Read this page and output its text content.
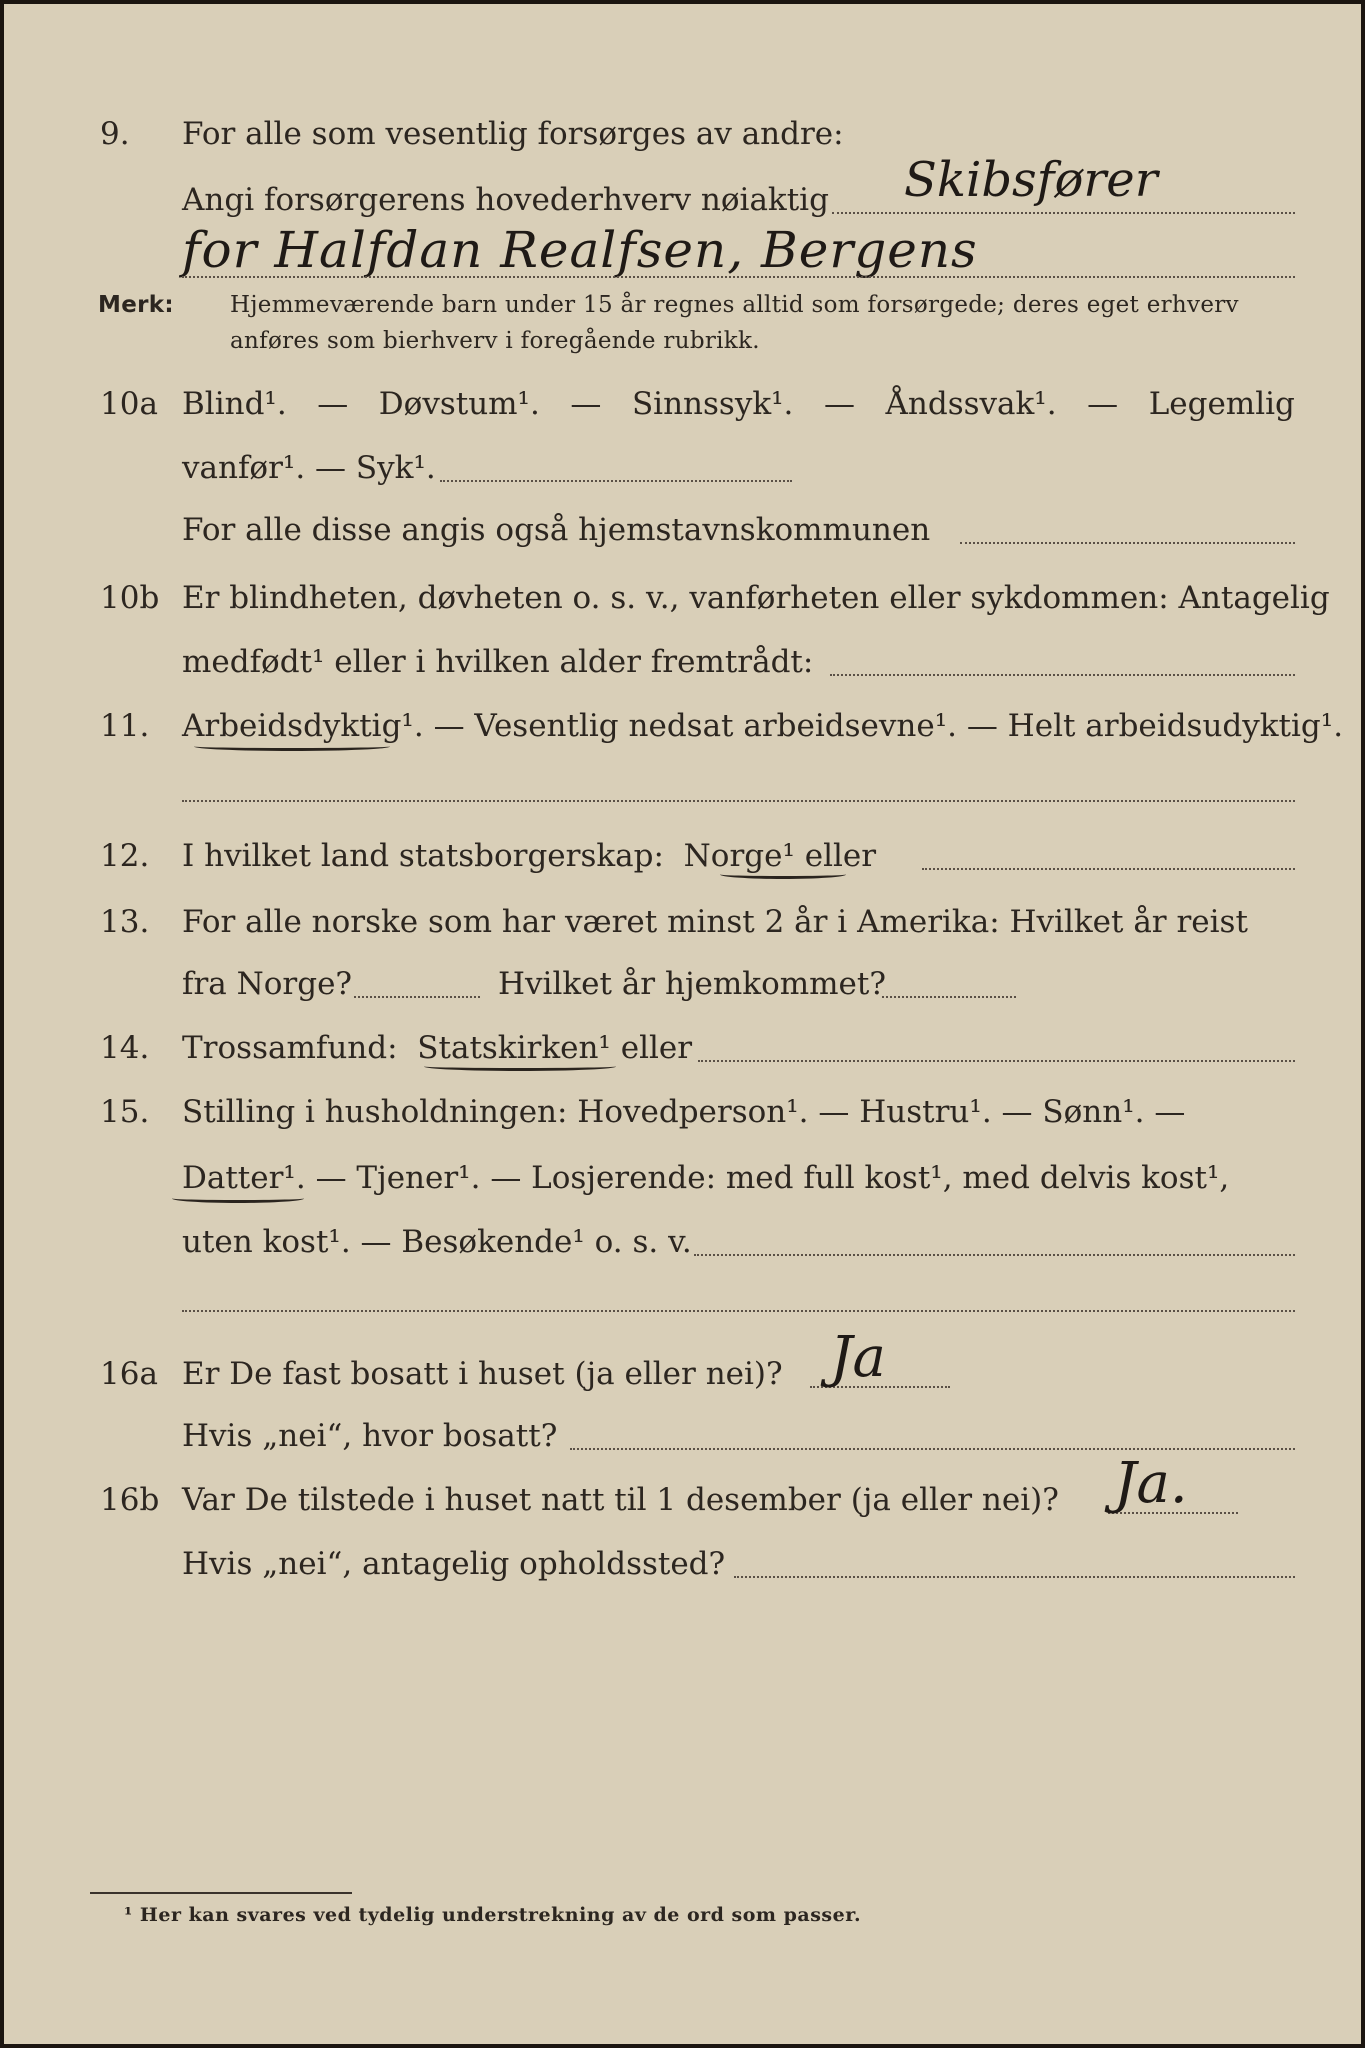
9.	For alle som vesentlig forsørges av andre:
Angi forsørgerens hovederhverv nøiaktig Skibsfører
for Halfdan Realfsen, Bergens
Merk: Hjemmeværende barn under 15 år regnes alltid som forsørgede; deres eget erhverv
anføres som bierhverv i foregående rubrikk.
10a Blind¹. — Døvstum¹. — Sinnssyk¹. — Åndssvak¹. — Legemlig
vanfør¹. — Syk¹.
For alle disse angis også hjemstavnskommunen
10b Er blindheten, døvheten o. s. v., vanførheten eller sykdommen: Antagelig
medfødt¹ eller i hvilken alder fremtrådt:
11.	Arbeidsdyktig¹. — Vesentlig nedsat arbeidsevne¹. — Helt arbeidsudyktig¹.
12.	I hvilket land statsborgerskap: Norge¹ eller
13.	For alle norske som har været minst 2 år i Amerika: Hvilket år reist
fra Norge?	Hvilket år hjemkommet?
14.	Trossamfund: Statskirken¹ eller
15.	Stilling i husholdningen: Hovedperson¹. — Hustru¹. — Sønn¹. —
Datter¹. — Tjener¹. — Losjerende: med full kost¹, med delvis kost¹,
uten kost¹. — Besøkende¹ o. s. v.
16a Er De fast bosatt i huset (ja eller nei)? Ja
Hvis „nei“, hvor bosatt?
16b Var De tilstede i huset natt til 1 desember (ja eller nei)? Ja.
Hvis „nei“, antagelig opholdssted?
¹ Her kan svares ved tydelig understrekning av de ord som passer.
